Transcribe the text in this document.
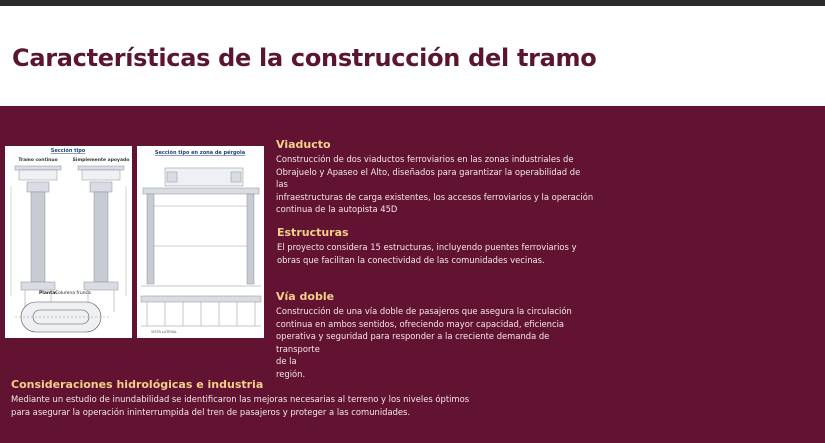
Características de la construcción del tramo
Sección tipo
Tramo continuo	Simplemente apoyado
Planta:
Columna frunca
Sección tipo en zona de pérgola
VISTA LATERAL
Viaducto

Construcción de dos viaductos ferroviarios en las zonas industriales de
Obrajuelo y Apaseo el Alto, diseñados para garantizar la operabilidad de las
infraestructuras de carga existentes, los accesos ferroviarios y la operación
continua de la autopista 45D

Estructuras

El proyecto considera 15 estructuras, incluyendo puentes ferroviarios y
obras que facilitan la conectividad de las comunidades vecinas.

Vía doble

Construcción de una vía doble de pasajeros que asegura la circulación
continua en ambos sentidos, ofreciendo mayor capacidad, eficiencia
operativa y seguridad para responder a la creciente demanda de transporte
de la
región.

Consideraciones hidrológicas e industria

Mediante un estudio de inundabilidad se identificaron las mejoras necesarias al terreno y los niveles óptimos
para asegurar la operación ininterrumpida del tren de pasajeros y proteger a las comunidades.
